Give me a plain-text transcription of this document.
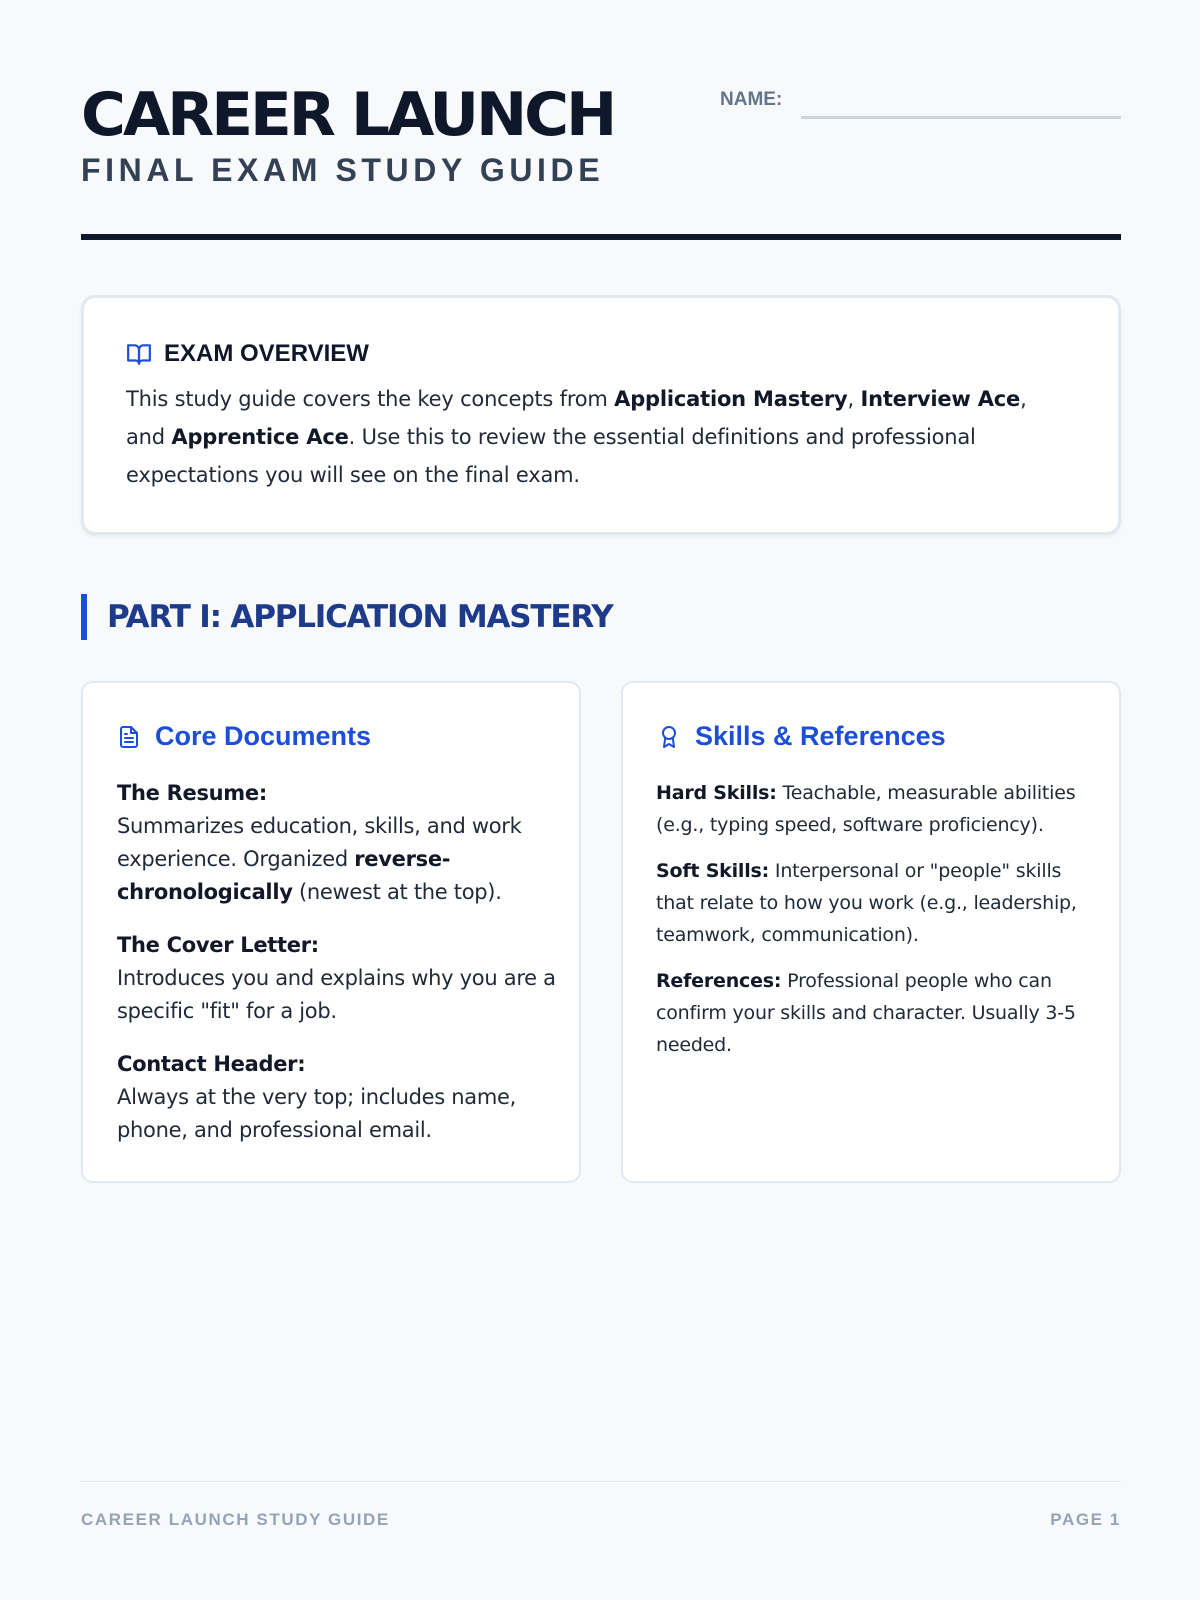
CAREER LAUNCH
FINAL EXAM STUDY GUIDE
NAME:
EXAM OVERVIEW

This study guide covers the key concepts from Application Mastery, Interview Ace, and Apprentice Ace. Use this to review the essential definitions and professional expectations you will see on the final exam.

PART I: APPLICATION MASTERY
Core Documents
The Resume:
Summarizes education, skills, and work experience. Organized reverse-chronologically (newest at the top).
The Cover Letter:
Introduces you and explains why you are a specific "fit" for a job.
Contact Header:
Always at the very top; includes name, phone, and professional email.
Skills & References

Hard Skills: Teachable, measurable abilities (e.g., typing speed, software proficiency).

Soft Skills: Interpersonal or "people" skills that relate to how you work (e.g., leadership, teamwork, communication).

References: Professional people who can confirm your skills and character. Usually 3-5 needed.

CAREER LAUNCH STUDY GUIDE	PAGE 1
